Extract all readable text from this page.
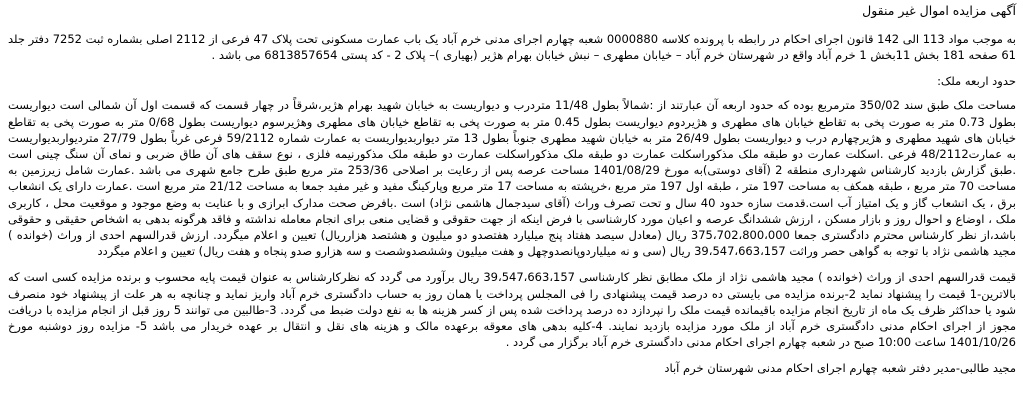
آگهی مزایده اموال غیر منقول

به موجب مواد 113 الی 142 قانون اجرای احکام در رابطه با پرونده کلاسه 0000880 شعبه چهارم اجرای مدنی خرم آباد یک باب عمارت مسکونی تحت پلاک 47 فرعی از 2112 اصلی بشماره ثبت 7252 دفتر جلد 61 صفحه 181 بخش 11بخش 1 خرم آباد واقع در شهرستان خرم آباد – خیابان مطهری – نبش خیابان بهرام هژیر (بهیاری )– پلاک 2 - کد پستی 6813857654 می باشد .

حدود اربعه ملک:

مساحت ملک طبق سند 350/02 مترمربع بوده که حدود اربعه آن عبارتند از :شمالاً بطول 11/48 متردرب و دیواریست به خیابان شهید بهرام هژیر،شرقاً در چهار قسمت که قسمت اول آن شمالی است دیواریست بطول 0.73 متر به صورت پخی به تقاطع خیابان های مطهری و هژیردوم دیواریست بطول 0.45 متر به صورت پخی به تقاطع خیابان های مطهری وهژیرسوم دیواریست بطول 0/68 متر به صورت پخی به تقاطع خیابان های شهید مطهری و هژیرچهارم درب و دیواریست بطول 26/49 متر به خیابان شهید مطهری جنوباً بطول 13 متر دیواربدیواریست به عمارت شماره 59/2112 فرعی غرباً بطول 27/79 متردیواربدیواریست به عمارت48/2112 فرعی .اسکلت عمارت دو طبقه ملک مذکوراسکلت عمارت دو طبقه ملک مذکوراسکلت عمارت دو طبقه ملک مذکورنیمه فلزی ، نوع سقف های آن طاق ضربی و نمای آن سنگ چینی است .طبق گزارش بازدید کارشناس شهرداری منطقه 2 (آقای دوستی)به مورخ 1401/08/29 مساحت عرصه پس از رعایت بر اصلاحی 253/36 متر مربع طبق طرح جامع شهری می باشد .عمارت شامل زیرزمین به مساحت 70 متر مربع ، طبقه همکف به مساحت 197 متر ، طبقه اول 197 متر مربع ،خرپشته به مساحت 17 متر مربع وپارکینگ مفید و غیر مفید جمعا به مساحت 21/12 متر مربع است .عمارت دارای یک انشعاب برق ، یک انشعاب گاز و یک امتیاز آب است.قدمت سازه حدود 40 سال و تحت تصرف وراث (آقای سیدجمال هاشمی نژاد) است .بافرض صحت مدارک ابرازی و با عنایت به وضع موجود و موقعیت محل ، کاربری ملک ، اوضاع و احوال روز و بازار مسکن ، ارزش ششدانگ عرصه و اعیان مورد کارشناسی با فرض اینکه از جهت حقوقی و قضایی منعی برای انجام معامله نداشته و فاقد هرگونه بدهی به اشخاص حقیقی و حقوقی باشد،از نظر کارشناس محترم دادگستری جمعا 375،702،800،000 ریال (معادل سیصد هفتاد پنج میلیارد هفتصدو دو میلیون و هشتصد هزارریال) تعیین و اعلام میگردد. ارزش قدرالسهم احدی از وراث (خوانده ) مجید هاشمی نژاد با توجه به گواهی حصر وراثت 39،547،663،157 ریال (سی و نه میلیاردوپانصدوچهل و هفت میلیون وششصدوشصت و سه هزارو صدو پنجاه و هفت ریال) تعیین و اعلام میگردد

قیمت قدرالسهم احدی از وراث (خوانده ) مجید هاشمی نژاد از ملک مطابق نظر کارشناسی 39،547،663،157 ریال برآورد می گردد که نظرکارشناس به عنوان قیمت پایه محسوب و برنده مزایده کسی است که بالاترین-1 قیمت را پیشنهاد نماید 2-برنده مزایده می بایستی ده درصد قیمت پیشنهادی را فی المجلس پرداخت یا همان روز به حساب دادگستری خرم آباد واریز نماید و چنانچه به هر علت از پیشنهاد خود منصرف شود یا حداکثر ظرف یک ماه از تاریخ انجام مزایده باقیمانده قیمت ملک را نپردازد ده درصد پرداخت شده پس از کسر هزینه ها به نفع دولت ضبط می گردد. 3-طالبین می توانند 5 روز قبل از انجام مزایده با دریافت مجوز از اجرای احکام مدنی دادگستری خرم آباد از ملک مورد مزایده بازدید نمایند. 4-کلیه بدهی های معوقه برعهده مالک و هزینه های نقل و انتقال بر عهده خریدار می باشد 5- مزایده روز دوشنبه مورخ 1401/10/26 ساعت 10:00 صبح در شعبه چهارم اجرای احکام مدنی دادگستری خرم آباد برگزار می گردد .

مجید طالبی-مدیر دفتر شعبه چهارم اجرای احکام مدنی شهرستان خرم آباد
